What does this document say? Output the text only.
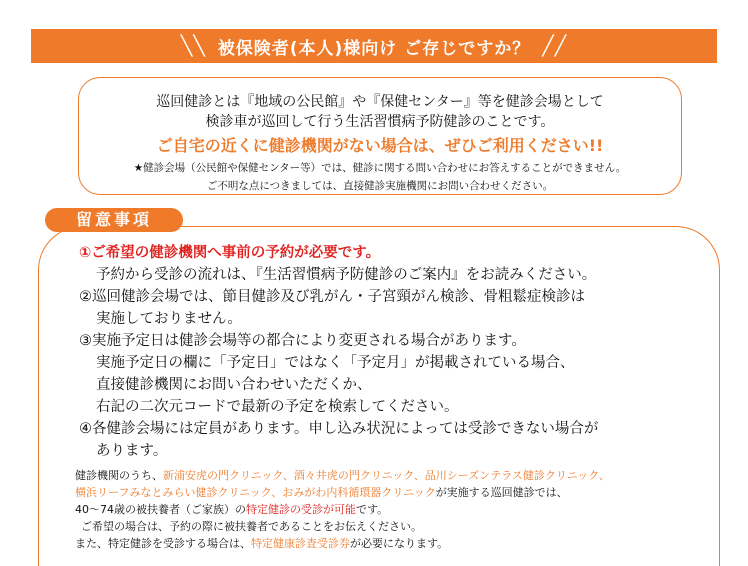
╲╲ 被保険者(本人)様向け ご存じですか？ ╱╱
巡回健診とは『地域の公民館』や『保健センター』等を健診会場として
検診車が巡回して行う生活習慣病予防健診のことです。
ご自宅の近くに健診機関がない場合は、ぜひご利用ください!!
★健診会場（公民館や保健センター等）では、健診に関する問い合わせにお答えすることができません。
ご不明な点につきましては、直接健診実施機関にお問い合わせください。
留意事項
①ご希望の健診機関へ事前の予約が必要です。
予約から受診の流れは、『生活習慣病予防健診のご案内』をお読みください。
②巡回健診会場では、節目健診及び乳がん・子宮頸がん検診、骨粗鬆症検診は
実施しておりません。
③実施予定日は健診会場等の都合により変更される場合があります。
実施予定日の欄に「予定日」ではなく「予定月」が掲載されている場合、
直接健診機関にお問い合わせいただくか、
右記の二次元コードで最新の予定を検索してください。
④各健診会場には定員があります。申し込み状況によっては受診できない場合が
あります。
健診機関のうち、新浦安虎の門クリニック、酒々井虎の門クリニック、品川シーズンテラス健診クリニック、
横浜リーフみなとみらい健診クリニック、おみがわ内科循環器クリニックが実施する巡回健診では、
40～74歳の被扶養者（ご家族）の特定健診の受診が可能です。
ご希望の場合は、予約の際に被扶養者であることをお伝えください。
また、特定健診を受診する場合は、特定健康診査受診券が必要になります。
